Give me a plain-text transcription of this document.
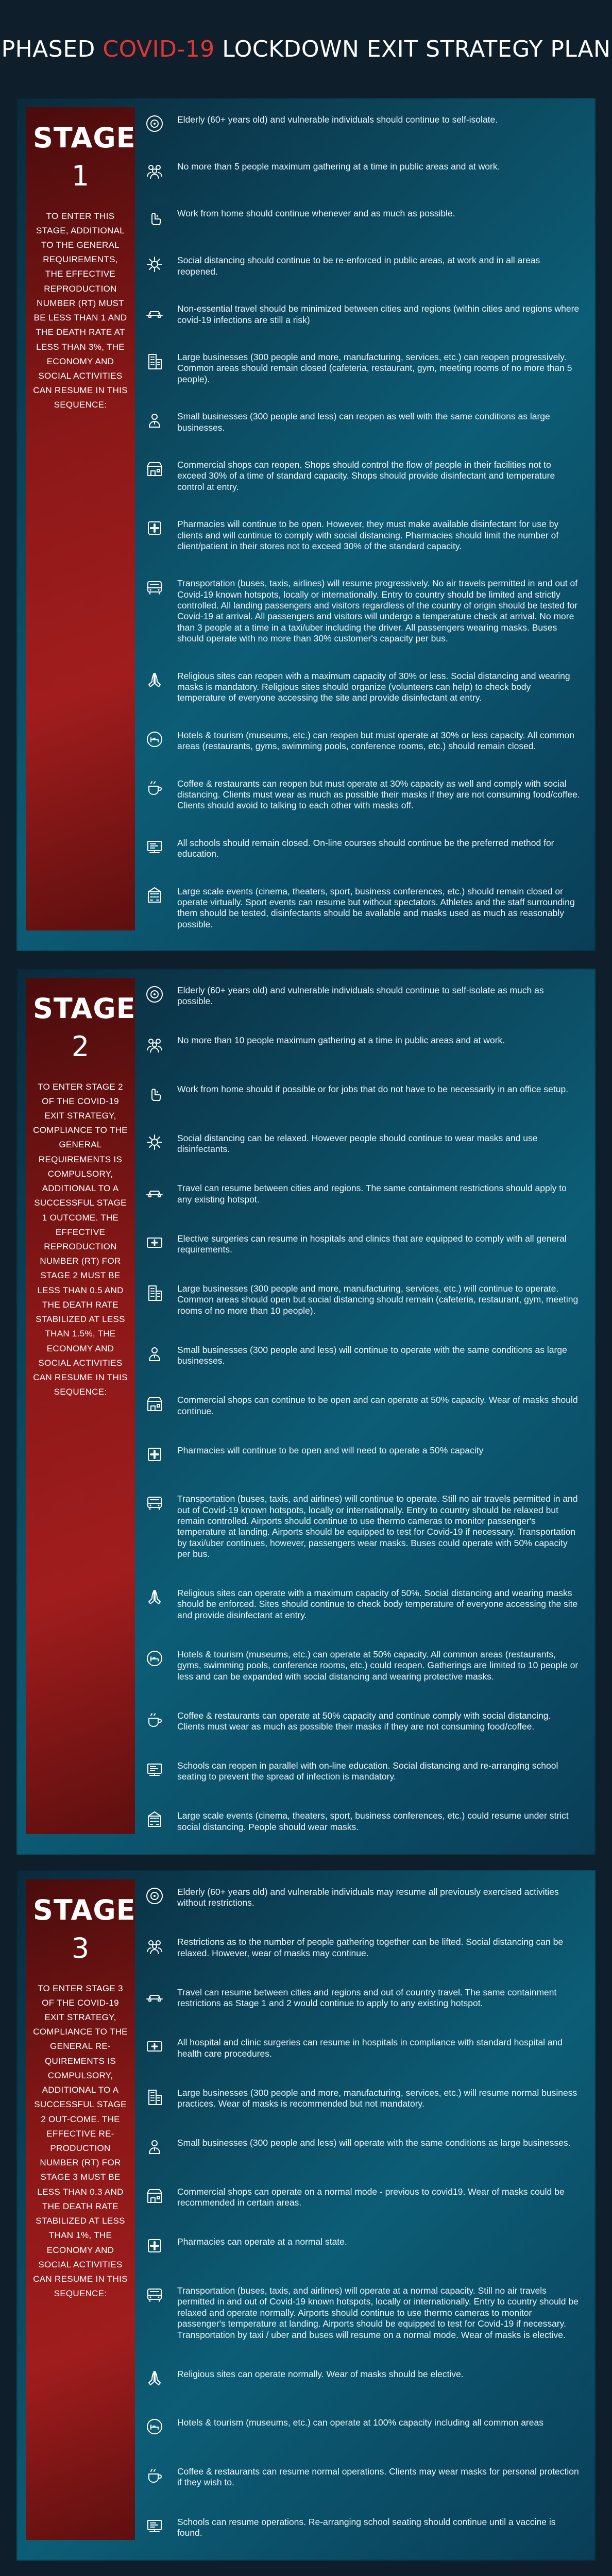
PHASED COVID-19 LOCKDOWN EXIT STRATEGY PLAN
STAGE
1
TO ENTER THIS STAGE, ADDITIONAL TO THE GENERAL REQUIREMENTS, THE EFFECTIVE REPRODUCTION NUMBER (RT) MUST BE LESS THAN 1 AND THE DEATH RATE AT LESS THAN 3%, THE ECONOMY AND SOCIAL ACTIVITIES CAN RESUME IN THIS SEQUENCE:
Elderly (60+ years old) and vulnerable individuals should continue to self-isolate.
No more than 5 people maximum gathering at a time in public areas and at work.
Work from home should continue whenever and as much as possible.
Social distancing should continue to be re-enforced in public areas, at work and in all areas reopened.
Non-essential travel should be minimized between cities and regions (within cities and regions where covid-19 infections are still a risk)
Large businesses (300 people and more, manufacturing, services, etc.) can reopen progressively. Common areas should remain closed (cafeteria, restaurant, gym, meeting rooms of no more than 5 people).
Small businesses (300 people and less) can reopen as well with the same conditions as large businesses.
Commercial shops can reopen. Shops should control the flow of people in their facilities not to exceed 30% of a time of standard capacity. Shops should provide disinfectant and temperature control at entry.
Pharmacies will continue to be open. However, they must make available disinfectant for use by clients and will continue to comply with social distancing. Pharmacies should limit the number of client/patient in their stores not to exceed 30% of the standard capacity.
Transportation (buses, taxis, airlines) will resume progressively. No air travels permitted in and out of Covid-19 known hotspots, locally or internationally. Entry to country should be limited and strictly controlled. All landing passengers and visitors regardless of the country of origin should be tested for Covid-19 at arrival. All passengers and visitors will undergo a temperature check at arrival. No more than 3 people at a time in a taxi/uber including the driver. All passengers wearing masks. Buses should operate with no more than 30% customer's capacity per bus.
Religious sites can reopen with a maximum capacity of 30% or less. Social distancing and wearing masks is mandatory. Religious sites should organize (volunteers can help) to check body temperature of everyone accessing the site and provide disinfectant at entry.
Hotels & tourism (museums, etc.) can reopen but must operate at 30% or less capacity. All common areas (restaurants, gyms, swimming pools, conference rooms, etc.) should remain closed.
Coffee & restaurants can reopen but must operate at 30% capacity as well and comply with social distancing. Clients must wear as much as possible their masks if they are not consuming food/coffee. Clients should avoid to talking to each other with masks off.
All schools should remain closed. On-line courses should continue be the preferred method for education.
Large scale events (cinema, theaters, sport, business conferences, etc.) should remain closed or operate virtually. Sport events can resume but without spectators. Athletes and the staff surrounding them should be tested, disinfectants should be available and masks used as much as reasonably possible.
STAGE
2
TO ENTER STAGE 2 OF THE COVID-19 EXIT STRATEGY, COMPLIANCE TO THE GENERAL REQUIREMENTS IS COMPULSORY, ADDITIONAL TO A SUCCESSFUL STAGE 1 OUTCOME. THE EFFECTIVE REPRODUCTION NUMBER (RT) FOR STAGE 2 MUST BE LESS THAN 0.5 AND THE DEATH RATE STABILIZED AT LESS THAN 1.5%, THE ECONOMY AND SOCIAL ACTIVITIES CAN RESUME IN THIS SEQUENCE:
Elderly (60+ years old) and vulnerable individuals should continue to self-isolate as much as possible.
No more than 10 people maximum gathering at a time in public areas and at work.
Work from home should if possible or for jobs that do not have to be necessarily in an office setup.
Social distancing can be relaxed. However people should continue to wear masks and use disinfectants.
Travel can resume between cities and regions. The same containment restrictions should apply to any existing hotspot.
Elective surgeries can resume in hospitals and clinics that are equipped to comply with all general requirements.
Large businesses (300 people and more, manufacturing, services, etc.) will continue to operate. Common areas should open but social distancing should remain (cafeteria, restaurant, gym, meeting rooms of no more than 10 people).
Small businesses (300 people and less) will continue to operate with the same conditions as large businesses.
Commercial shops can continue to be open and can operate at 50% capacity. Wear of masks should continue.
Pharmacies will continue to be open and will need to operate a 50% capacity
Transportation (buses, taxis, and airlines) will continue to operate. Still no air travels permitted in and out of Covid-19 known hotspots, locally or internationally. Entry to country should be relaxed but remain controlled. Airports should continue to use thermo cameras to monitor passenger's temperature at landing. Airports should be equipped to test for Covid-19 if necessary. Transportation by taxi/uber continues, however, passengers wear masks. Buses could operate with 50% capacity per bus.
Religious sites can operate with a maximum capacity of 50%. Social distancing and wearing masks should be enforced. Sites should continue to check body temperature of everyone accessing the site and provide disinfectant at entry.
Hotels & tourism (museums, etc.) can operate at 50% capacity. All common areas (restaurants, gyms, swimming pools, conference rooms, etc.) could reopen. Gatherings are limited to 10 people or less and can be expanded with social distancing and wearing protective masks.
Coffee & restaurants can operate at 50% capacity and continue comply with social distancing. Clients must wear as much as possible their masks if they are not consuming food/coffee.
Schools can reopen in parallel with on-line education. Social distancing and re-arranging school seating to prevent the spread of infection is mandatory.
Large scale events (cinema, theaters, sport, business conferences, etc.) could resume under strict social distancing. People should wear masks.
STAGE
3
TO ENTER STAGE 3 OF THE COVID-19 EXIT STRATEGY, COMPLIANCE TO THE GENERAL RE-QUIREMENTS IS COMPULSORY, ADDITIONAL TO A SUCCESSFUL STAGE 2 OUT-COME. THE EFFECTIVE RE-PRODUCTION NUMBER (RT) FOR STAGE 3 MUST BE LESS THAN 0.3 AND THE DEATH RATE STABILIZED AT LESS THAN 1%, THE ECONOMY AND SOCIAL ACTIVITIES CAN RESUME IN THIS SEQUENCE:
Elderly (60+ years old) and vulnerable individuals may resume all previously exercised activities without restrictions.
Restrictions as to the number of people gathering together can be lifted. Social distancing can be relaxed. However, wear of masks may continue.
Travel can resume between cities and regions and out of country travel. The same containment restrictions as Stage 1 and 2 would continue to apply to any existing hotspot.
All hospital and clinic surgeries can resume in hospitals in compliance with standard hospital and health care procedures.
Large businesses (300 people and more, manufacturing, services, etc.) will resume normal business practices. Wear of masks is recommended but not mandatory.
Small businesses (300 people and less) will operate with the same conditions as large businesses.
Commercial shops can operate on a normal mode - previous to covid19. Wear of masks could be recommended in certain areas.
Pharmacies can operate at a normal state.
Transportation (buses, taxis, and airlines) will operate at a normal capacity. Still no air travels permitted in and out of Covid-19 known hotspots, locally or internationally. Entry to country should be relaxed and operate normally. Airports should continue to use thermo cameras to monitor passenger's temperature at landing. Airports should be equipped to test for Covid-19 if necessary. Transportation by taxi / uber and buses will resume on a normal mode. Wear of masks is elective.
Religious sites can operate normally. Wear of masks should be elective.
Hotels & tourism (museums, etc.) can operate at 100% capacity including all common areas
Coffee & restaurants can resume normal operations. Clients may wear masks for personal protection if they wish to.
Schools can resume operations. Re-arranging school seating should continue until a vaccine is found.
